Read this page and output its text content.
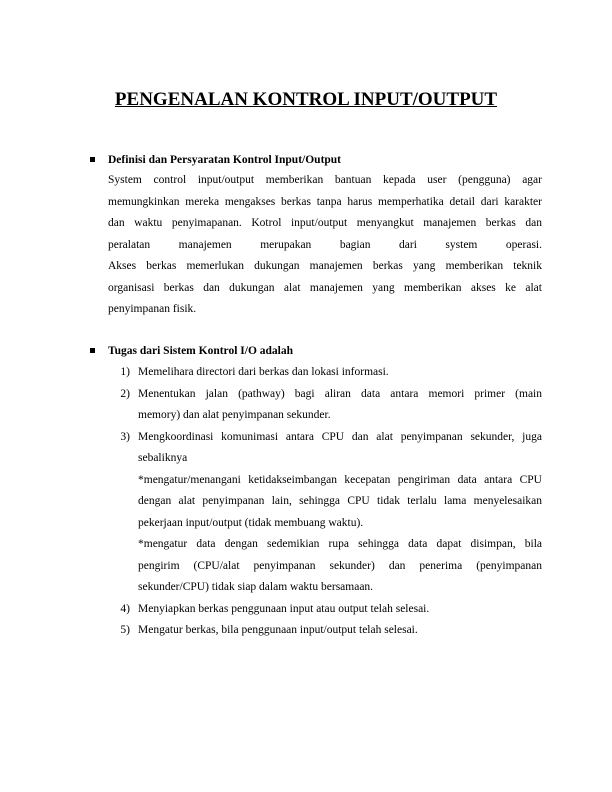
PENGENALAN KONTROL INPUT/OUTPUT
Definisi dan Persyaratan Kontrol Input/Output
System control input/output memberikan bantuan kepada user (pengguna) agar
memungkinkan mereka mengakses berkas tanpa harus memperhatika detail dari karakter
dan waktu penyimapanan. Kotrol input/output menyangkut manajemen berkas dan
peralatan manajemen merupakan bagian dari system operasi.
Akses berkas memerlukan dukungan manajemen berkas yang memberikan teknik
organisasi berkas dan dukungan alat manajemen yang memberikan akses ke alat
penyimpanan fisik.
Tugas dari Sistem Kontrol I/O adalah
1) Memelihara directori dari berkas dan lokasi informasi.
2) Menentukan jalan (pathway) bagi aliran data antara memori primer (main
memory) dan alat penyimpanan sekunder.
3) Mengkoordinasi komunimasi antara CPU dan alat penyimpanan sekunder, juga
sebaliknya
*mengatur/menangani ketidakseimbangan kecepatan pengiriman data antara CPU
dengan alat penyimpanan lain, sehingga CPU tidak terlalu lama menyelesaikan
pekerjaan input/output (tidak membuang waktu).
*mengatur data dengan sedemikian rupa sehingga data dapat disimpan, bila
pengirim (CPU/alat penyimpanan sekunder) dan penerima (penyimpanan
sekunder/CPU) tidak siap dalam waktu bersamaan.
4) Menyiapkan berkas penggunaan input atau output telah selesai.
5) Mengatur berkas, bila penggunaan input/output telah selesai.
